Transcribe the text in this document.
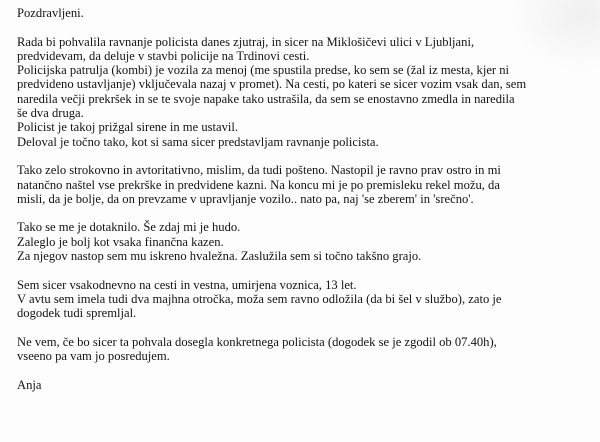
Pozdravljeni.
Rada bi pohvalila ravnanje policista danes zjutraj, in sicer na Miklošičevi ulici v Ljubljani,
predvidevam, da deluje v stavbi policije na Trdinovi cesti.
Policijska patrulja (kombi) je vozila za menoj (me spustila predse, ko sem se (žal iz mesta, kjer ni
predvideno ustavljanje) vključevala nazaj v promet). Na cesti, po kateri se sicer vozim vsak dan, sem
naredila večji prekršek in se te svoje napake tako ustrašila, da sem se enostavno zmedla in naredila
še dva druga.
Policist je takoj prižgal sirene in me ustavil.
Deloval je točno tako, kot si sama sicer predstavljam ravnanje policista.
Tako zelo strokovno in avtoritativno, mislim, da tudi pošteno. Nastopil je ravno prav ostro in mi
natančno naštel vse prekrške in predvidene kazni. Na koncu mi je po premisleku rekel možu, da
misli, da je bolje, da on prevzame v upravljanje vozilo.. nato pa, naj 'se zberem' in 'srečno'.
Tako se me je dotaknilo. Še zdaj mi je hudo.
Zaleglo je bolj kot vsaka finančna kazen.
Za njegov nastop sem mu iskreno hvaležna. Zaslužila sem si točno takšno grajo.
Sem sicer vsakodnevno na cesti in vestna, umirjena voznica, 13 let.
V avtu sem imela tudi dva majhna otročka, moža sem ravno odložila (da bi šel v službo), zato je
dogodek tudi spremljal.
Ne vem, če bo sicer ta pohvala dosegla konkretnega policista (dogodek se je zgodil ob 07.40h),
vseeno pa vam jo posredujem.
Anja
